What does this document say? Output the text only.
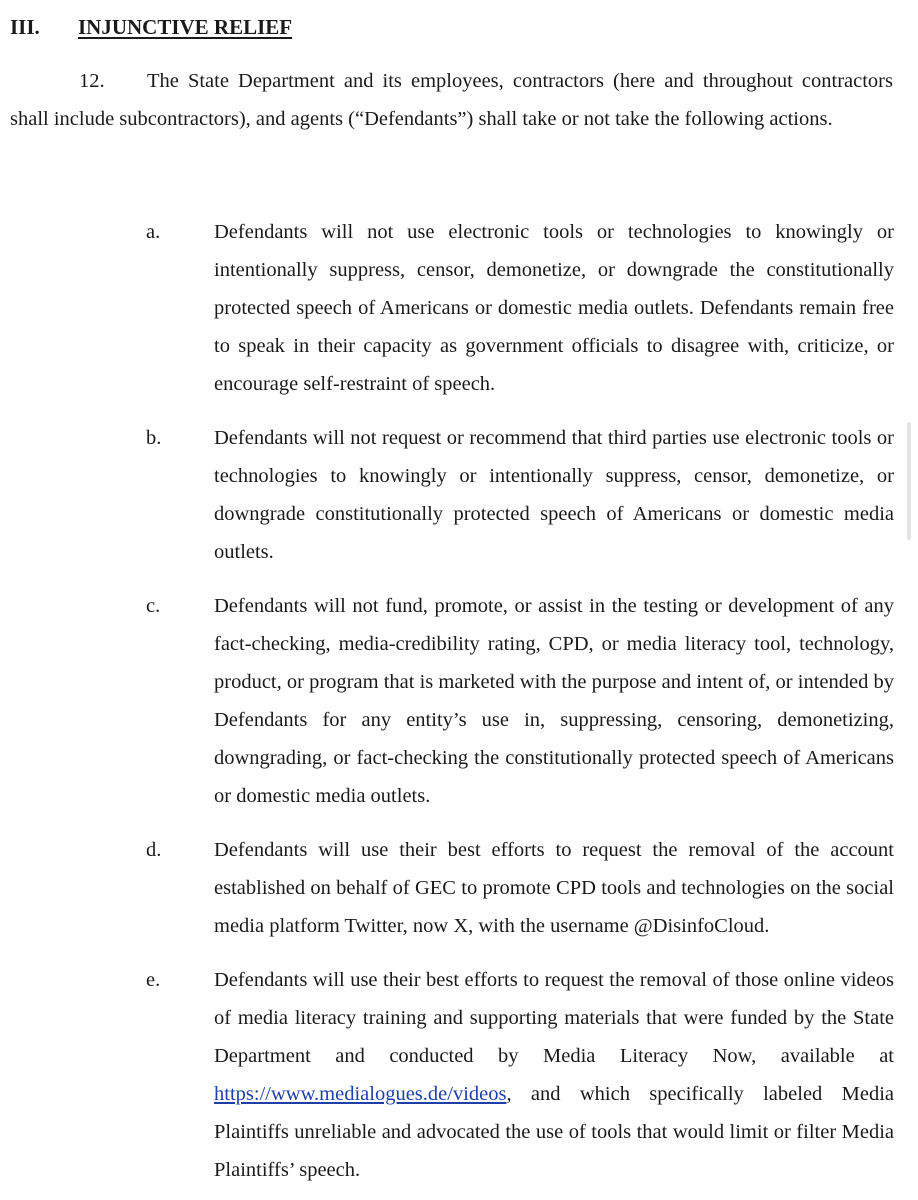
III. INJUNCTIVE RELIEF
12. The State Department and its employees, contractors (here and throughout contractors shall include subcontractors), and agents (“Defendants”) shall take or not take the following actions.
a.	Defendants will not use electronic tools or technologies to knowingly or intentionally suppress, censor, demonetize, or downgrade the constitutionally protected speech of Americans or domestic media outlets. Defendants remain free to speak in their capacity as government officials to disagree with, criticize, or encourage self-restraint of speech.
b.	Defendants will not request or recommend that third parties use electronic tools or technologies to knowingly or intentionally suppress, censor, demonetize, or downgrade constitutionally protected speech of Americans or domestic media outlets.
c.	Defendants will not fund, promote, or assist in the testing or development of any fact-checking, media-credibility rating, CPD, or media literacy tool, technology, product, or program that is marketed with the purpose and intent of, or intended by Defendants for any entity’s use in, suppressing, censoring, demonetizing, downgrading, or fact-checking the constitutionally protected speech of Americans or domestic media outlets.
d.	Defendants will use their best efforts to request the removal of the account established on behalf of GEC to promote CPD tools and technologies on the social media platform Twitter, now X, with the username @DisinfoCloud.
e.	Defendants will use their best efforts to request the removal of those online videos of media literacy training and supporting materials that were funded by the State Department and conducted by Media Literacy Now, available at https://www.medialogues.de/videos, and which specifically labeled Media Plaintiffs unreliable and advocated the use of tools that would limit or filter Media Plaintiffs’ speech.
